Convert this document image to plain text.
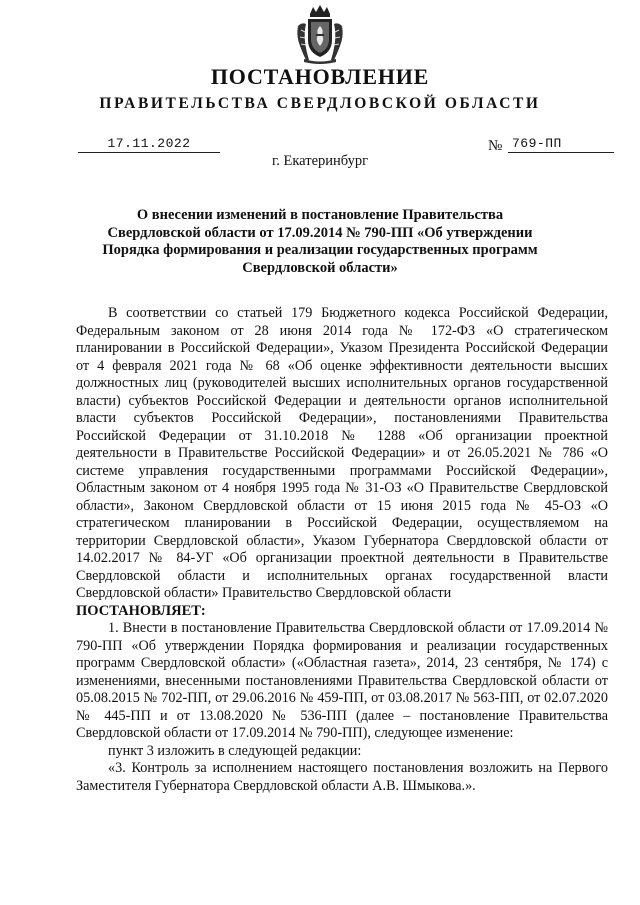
ПОСТАНОВЛЕНИЕ
ПРАВИТЕЛЬСТВА СВЕРДЛОВСКОЙ ОБЛАСТИ
17.11.2022	№ 769-ПП
г. Екатеринбург
О внесении изменений в постановление Правительства Свердловской области от 17.09.2014 № 790-ПП «Об утверждении Порядка формирования и реализации государственных программ Свердловской области»

В соответствии со статьей 179 Бюджетного кодекса Российской Федерации, Федеральным законом от 28 июня 2014 года № 172-ФЗ «О стратегическом планировании в Российской Федерации», Указом Президента Российской Федерации от 4 февраля 2021 года № 68 «Об оценке эффективности деятельности высших должностных лиц (руководителей высших исполнительных органов государственной власти) субъектов Российской Федерации и деятельности органов исполнительной власти субъектов Российской Федерации», постановлениями Правительства Российской Федерации от 31.10.2018 № 1288 «Об организации проектной деятельности в Правительстве Российской Федерации» и от 26.05.2021 № 786 «О системе управления государственными программами Российской Федерации», Областным законом от 4 ноября 1995 года № 31-ОЗ «О Правительстве Свердловской области», Законом Свердловской области от 15 июня 2015 года № 45-ОЗ «О стратегическом планировании в Российской Федерации, осуществляемом на территории Свердловской области», Указом Губернатора Свердловской области от 14.02.2017 № 84-УГ «Об организации проектной деятельности в Правительстве Свердловской области и исполнительных органах государственной власти Свердловской области» Правительство Свердловской области

ПОСТАНОВЛЯЕТ:

1. Внести в постановление Правительства Свердловской области от 17.09.2014 № 790-ПП «Об утверждении Порядка формирования и реализации государственных программ Свердловской области» («Областная газета», 2014, 23 сентября, № 174) с изменениями, внесенными постановлениями Правительства Свердловской области от 05.08.2015 № 702-ПП, от 29.06.2016 № 459-ПП, от 03.08.2017 № 563-ПП, от 02.07.2020 № 445-ПП и от 13.08.2020 № 536-ПП (далее – постановление Правительства Свердловской области от 17.09.2014 № 790-ПП), следующее изменение:

пункт 3 изложить в следующей редакции:

«3. Контроль за исполнением настоящего постановления возложить на Первого Заместителя Губернатора Свердловской области А.В. Шмыкова.».
